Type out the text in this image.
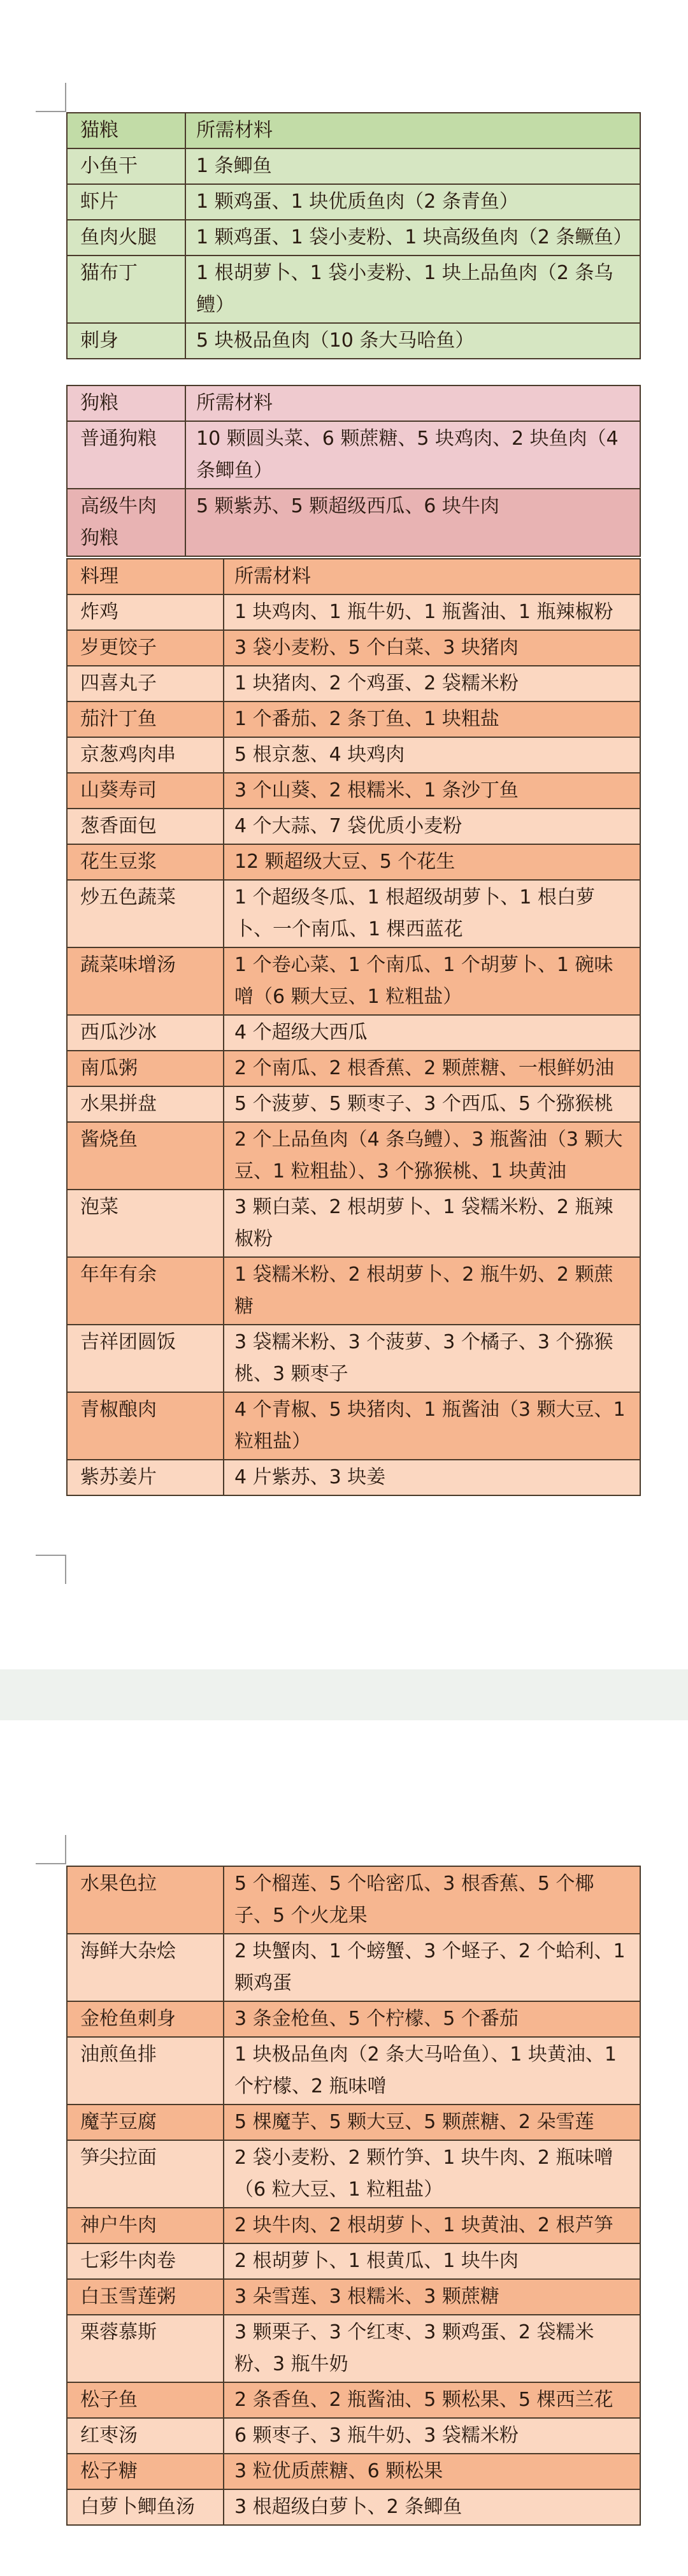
猫粮	所需材料
小鱼干	1 条鲫鱼
虾片	1 颗鸡蛋、1 块优质鱼肉（2 条青鱼）
鱼肉火腿	1 颗鸡蛋、1 袋小麦粉、1 块高级鱼肉（2 条鳜鱼）
猫布丁	1 根胡萝卜、1 袋小麦粉、1 块上品鱼肉（2 条乌鳢）
刺身	5 块极品鱼肉（10 条大马哈鱼）
狗粮	所需材料
普通狗粮	10 颗圆头菜、6 颗蔗糖、5 块鸡肉、2 块鱼肉（4 条鲫鱼）
高级牛肉狗粮	5 颗紫苏、5 颗超级西瓜、6 块牛肉
料理	所需材料
炸鸡	1 块鸡肉、1 瓶牛奶、1 瓶酱油、1 瓶辣椒粉
岁更饺子	3 袋小麦粉、5 个白菜、3 块猪肉
四喜丸子	1 块猪肉、2 个鸡蛋、2 袋糯米粉
茄汁丁鱼	1 个番茄、2 条丁鱼、1 块粗盐
京葱鸡肉串	5 根京葱、4 块鸡肉
山葵寿司	3 个山葵、2 根糯米、1 条沙丁鱼
葱香面包	4 个大蒜、7 袋优质小麦粉
花生豆浆	12 颗超级大豆、5 个花生
炒五色蔬菜	1 个超级冬瓜、1 根超级胡萝卜、1 根白萝卜、一个南瓜、1 棵西蓝花
蔬菜味增汤	1 个卷心菜、1 个南瓜、1 个胡萝卜、1 碗味噌（6 颗大豆、1 粒粗盐）
西瓜沙冰	4 个超级大西瓜
南瓜粥	2 个南瓜、2 根香蕉、2 颗蔗糖、一根鲜奶油
水果拼盘	5 个菠萝、5 颗枣子、3 个西瓜、5 个猕猴桃
酱烧鱼	2 个上品鱼肉（4 条乌鳢）、3 瓶酱油（3 颗大豆、1 粒粗盐）、3 个猕猴桃、1 块黄油
泡菜	3 颗白菜、2 根胡萝卜、1 袋糯米粉、2 瓶辣椒粉
年年有余	1 袋糯米粉、2 根胡萝卜、2 瓶牛奶、2 颗蔗糖
吉祥团圆饭	3 袋糯米粉、3 个菠萝、3 个橘子、3 个猕猴桃、3 颗枣子
青椒酿肉	4 个青椒、5 块猪肉、1 瓶酱油（3 颗大豆、1 粒粗盐）
紫苏姜片	4 片紫苏、3 块姜
水果色拉	5 个榴莲、5 个哈密瓜、3 根香蕉、5 个椰子、5 个火龙果
海鲜大杂烩	2 块蟹肉、1 个螃蟹、3 个蛏子、2 个蛤利、1 颗鸡蛋
金枪鱼刺身	3 条金枪鱼、5 个柠檬、5 个番茄
油煎鱼排	1 块极品鱼肉（2 条大马哈鱼）、1 块黄油、1 个柠檬、2 瓶味噌
魔芋豆腐	5 棵魔芋、5 颗大豆、5 颗蔗糖、2 朵雪莲
笋尖拉面	2 袋小麦粉、2 颗竹笋、1 块牛肉、2 瓶味噌（6 粒大豆、1 粒粗盐）
神户牛肉	2 块牛肉、2 根胡萝卜、1 块黄油、2 根芦笋
七彩牛肉卷	2 根胡萝卜、1 根黄瓜、1 块牛肉
白玉雪莲粥	3 朵雪莲、3 根糯米、3 颗蔗糖
栗蓉慕斯	3 颗栗子、3 个红枣、3 颗鸡蛋、2 袋糯米粉、3 瓶牛奶
松子鱼	2 条香鱼、2 瓶酱油、5 颗松果、5 棵西兰花
红枣汤	6 颗枣子、3 瓶牛奶、3 袋糯米粉
松子糖	3 粒优质蔗糖、6 颗松果
白萝卜鲫鱼汤	3 根超级白萝卜、2 条鲫鱼
